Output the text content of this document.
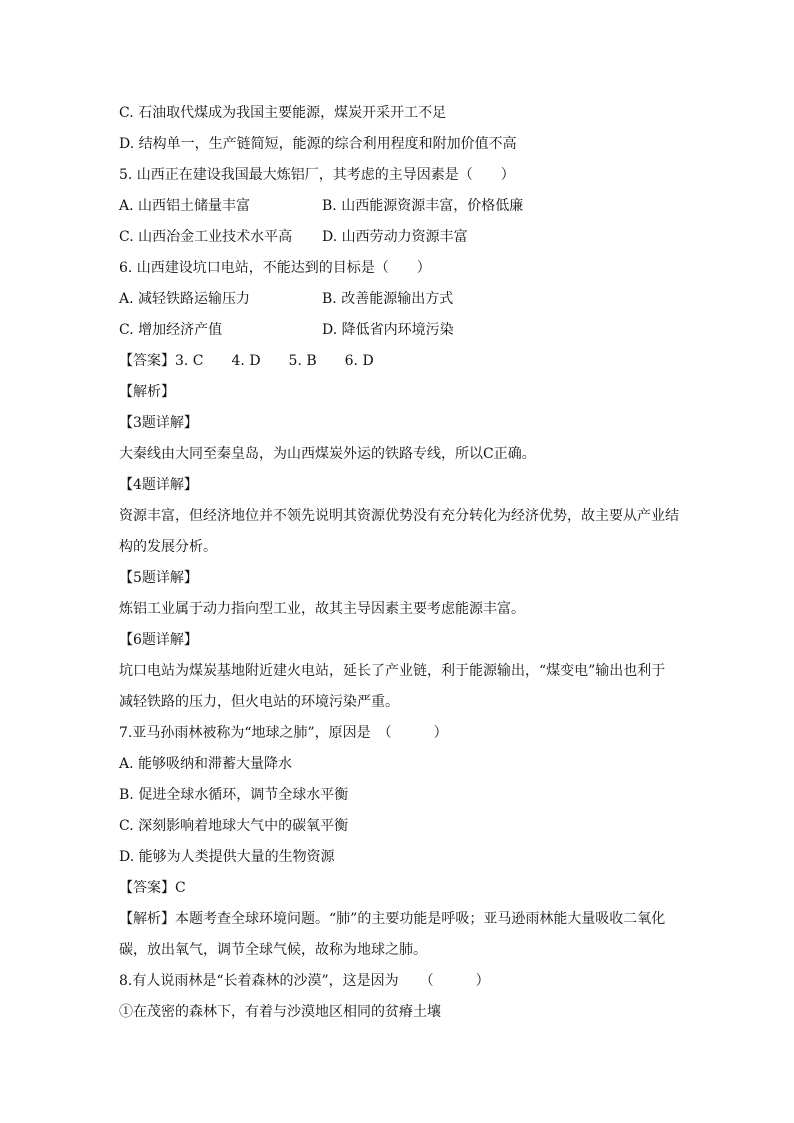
C. 石油取代煤成为我国主要能源，煤炭开采开工不足
D. 结构单一，生产链简短，能源的综合利用程度和附加价值不高
5. 山西正在建设我国最大炼铝厂，其考虑的主导因素是（　　）
A. 山西铝土储量丰富	B. 山西能源资源丰富，价格低廉
C. 山西冶金工业技术水平高 D. 山西劳动力资源丰富
6. 山西建设坑口电站，不能达到的目标是（　　）
A. 减轻铁路运输压力	B. 改善能源输出方式
C. 增加经济产值	D. 降低省内环境污染
【答案】3. C　　4. D　　5. B　　6. D
【解析】
【3题详解】
大秦线由大同至秦皇岛，为山西煤炭外运的铁路专线，所以C正确。
【4题详解】
资源丰富，但经济地位并不领先说明其资源优势没有充分转化为经济优势，故主要从产业结
构的发展分析。
【5题详解】
炼铝工业属于动力指向型工业，故其主导因素主要考虑能源丰富。
【6题详解】
坑口电站为煤炭基地附近建火电站，延长了产业链，利于能源输出，“煤变电”输出也利于
减轻铁路的压力，但火电站的环境污染严重。
7.亚马孙雨林被称为“地球之肺”，原因是　（　　　）
A. 能够吸纳和滞蓄大量降水
B. 促进全球水循环，调节全球水平衡
C. 深刻影响着地球大气中的碳氧平衡
D. 能够为人类提供大量的生物资源
【答案】C
【解析】本题考查全球环境问题。“肺”的主要功能是呼吸；亚马逊雨林能大量吸收二氧化
碳，放出氧气，调节全球气候，故称为地球之肺。
8.有人说雨林是“长着森林的沙漠”，这是因为　　（　　　）
①在茂密的森林下，有着与沙漠地区相同的贫瘠土壤
